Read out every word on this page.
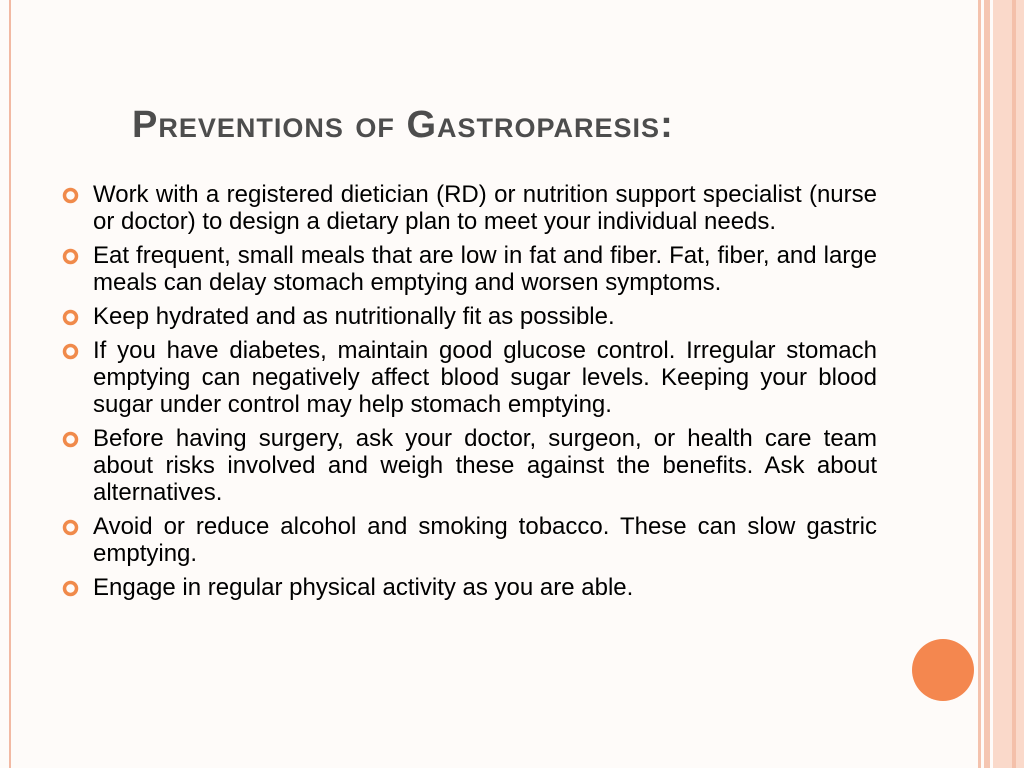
Preventions of Gastroparesis:
Work with a registered dietician (RD) or nutrition support specialist (nurse or doctor) to design a dietary plan to meet your individual needs.
Eat frequent, small meals that are low in fat and fiber. Fat, fiber, and large meals can delay stomach emptying and worsen symptoms.
Keep hydrated and as nutritionally fit as possible.
If you have diabetes, maintain good glucose control. Irregular stomach emptying can negatively affect blood sugar levels. Keeping your blood sugar under control may help stomach emptying.
Before having surgery, ask your doctor, surgeon, or health care team about risks involved and weigh these against the benefits. Ask about alternatives.
Avoid or reduce alcohol and smoking tobacco. These can slow gastric emptying.
Engage in regular physical activity as you are able.
